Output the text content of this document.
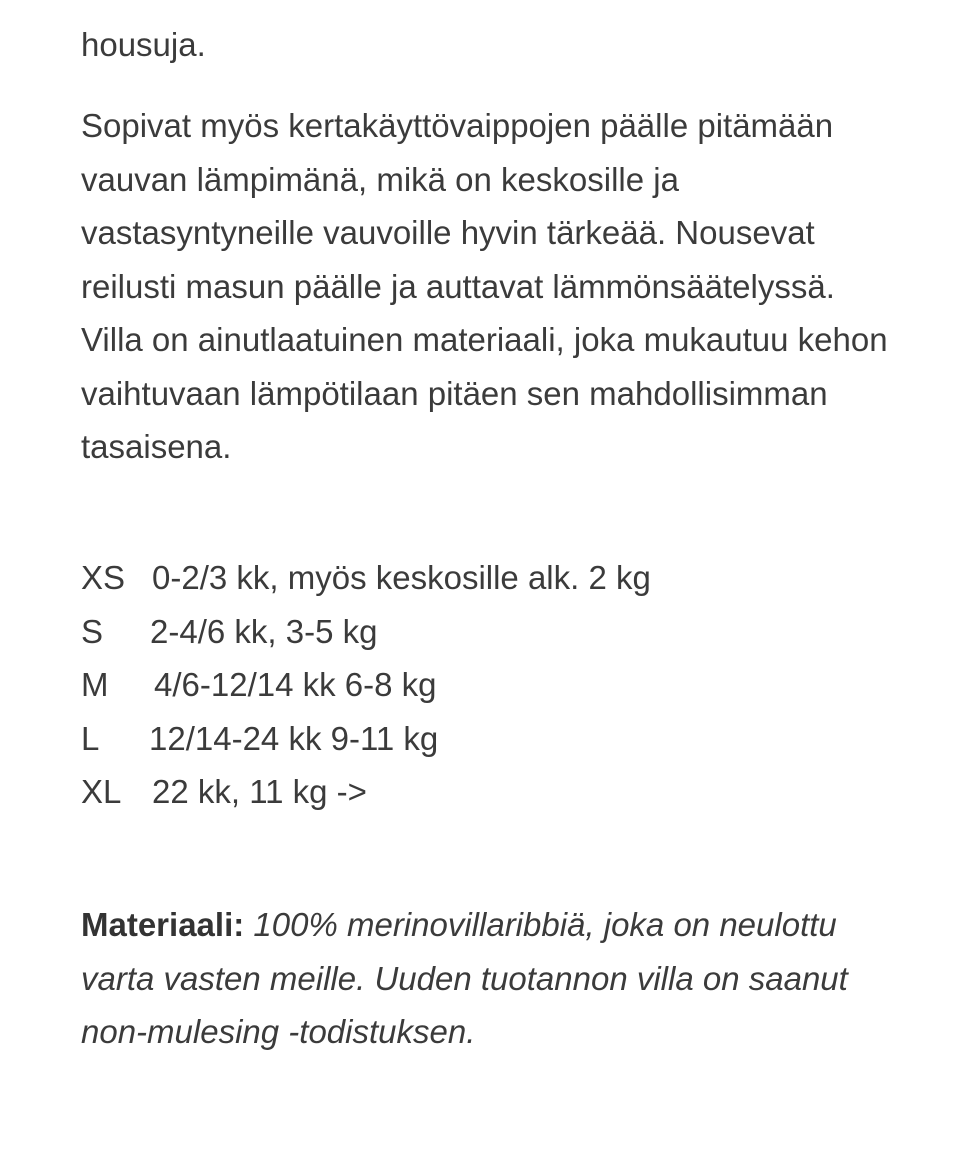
housuja.
Sopivat myös kertakäyttövaippojen päälle pitämään vauvan lämpimänä, mikä on keskosille ja vastasyntyneille vauvoille hyvin tärkeää. Nousevat reilusti masun päälle ja auttavat lämmönsäätelyssä. Villa on ainutlaatuinen materiaali, joka mukautuu kehon vaihtuvaan lämpötilaan pitäen sen mahdollisimman tasaisena.
XS 0-2/3 kk, myös keskosille alk. 2 kg
S 2-4/6 kk, 3-5 kg
M 4/6-12/14 kk 6-8 kg
L 12/14-24 kk 9-11 kg
XL 22 kk, 11 kg ->
Materiaali: 100% merinovillaribbiä, joka on neulottu varta vasten meille. Uuden tuotannon villa on saanut non-mulesing -todistuksen.
